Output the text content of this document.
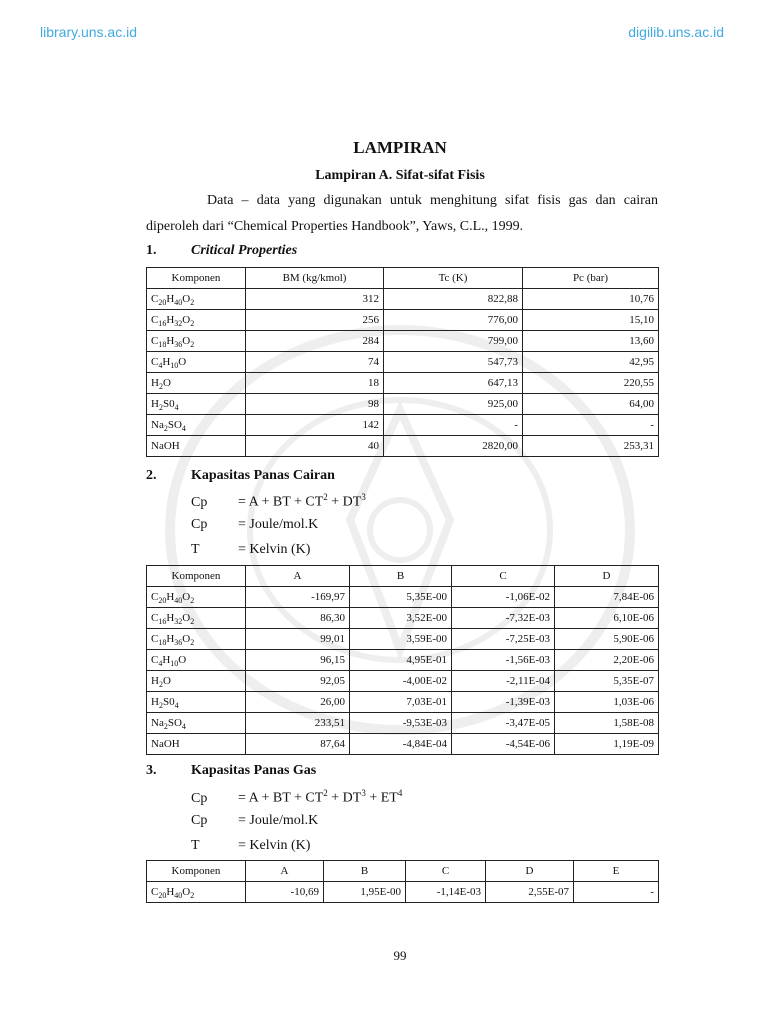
library.uns.ac.id	digilib.uns.ac.id
LAMPIRAN
Lampiran A. Sifat-sifat Fisis
Data – data yang digunakan untuk menghitung sifat fisis gas dan cairan
diperoleh dari “Chemical Properties Handbook”, Yaws, C.L., 1999.
1. Critical Properties
Komponen	BM (kg/kmol)	Tc (K)	Pc (bar)
$C_{20}H_{40}O_2$	312	822,88	10,76
$C_{16}H_{32}O_2$	256	776,00	15,10
$C_{18}H_{36}O_2$	284	799,00	13,60
$C_4H_{10}O$	74	547,73	42,95
$H_2O$	18	647,13	220,55
$H_2S0_4$	98	925,00	64,00
$Na_2SO_4$	142	-	-
NaOH	40	2820,00	253,31
2. Kapasitas Panas Cairan
Cp = A + BT + $CT^2 + DT^3$
Cp = Joule/mol.K
T	= Kelvin (K)
Komponen	A	B	C	D
$C_{20}H_{40}O_2$	-169,97	5,35E-00	-1,06E-02	7,84E-06
$C_{16}H_{32}O_2$	86,30	3,52E-00	-7,32E-03	6,10E-06
$C_{18}H_{36}O_2$	99,01	3,59E-00	-7,25E-03	5,90E-06
$C_4H_{10}O$	96,15	4,95E-01	-1,56E-03	2,20E-06
$H_2O$	92,05	-4,00E-02	-2,11E-04	5,35E-07
$H_2S0_4$	26,00	7,03E-01	-1,39E-03	1,03E-06
$Na_2SO_4$	233,51	-9,53E-03	-3,47E-05	1,58E-08
NaOH	87,64	-4,84E-04	-4,54E-06	1,19E-09
3. Kapasitas Panas Gas
Cp = A + BT + $CT^2 + DT^3 + ET^4$
Cp = Joule/mol.K
T	= Kelvin (K)
Komponen	A	B	C	D	E
$C_{20}H_{40}O_2$	-10,69	1,95E-00	-1,14E-03	2,55E-07	-
99
